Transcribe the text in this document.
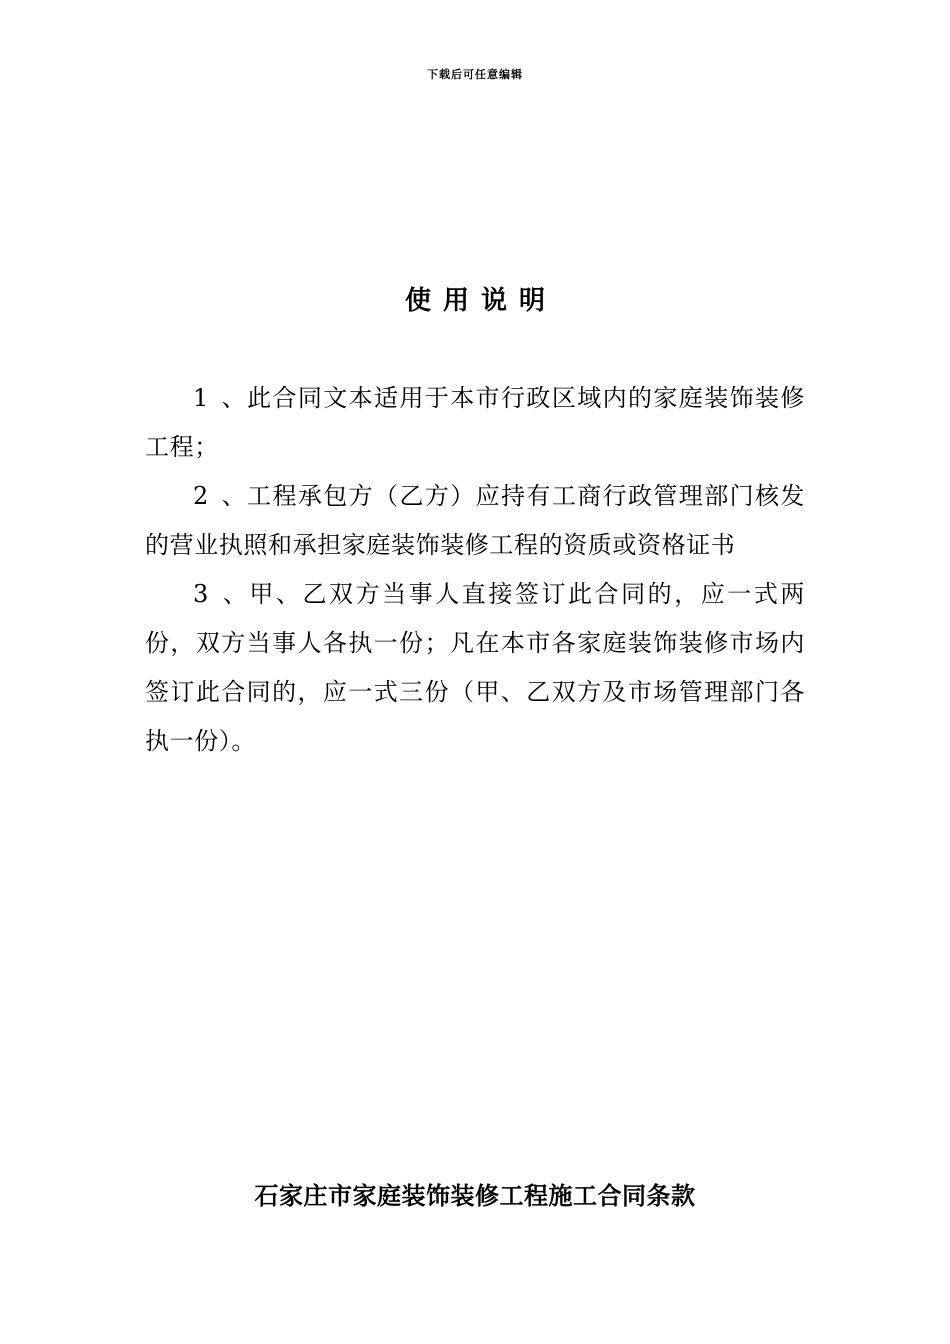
下载后可任意编辑
使用说明

1 、此合同文本适用于本市行政区域内的家庭装饰装修工程；

2 、工程承包方（乙方）应持有工商行政管理部门核发的营业执照和承担家庭装饰装修工程的资质或资格证书

3 、甲、乙双方当事人直接签订此合同的，应一式两份，双方当事人各执一份；凡在本市各家庭装饰装修市场内签订此合同的，应一式三份（甲、乙双方及市场管理部门各执一份）。

石家庄市家庭装饰装修工程施工合同条款
